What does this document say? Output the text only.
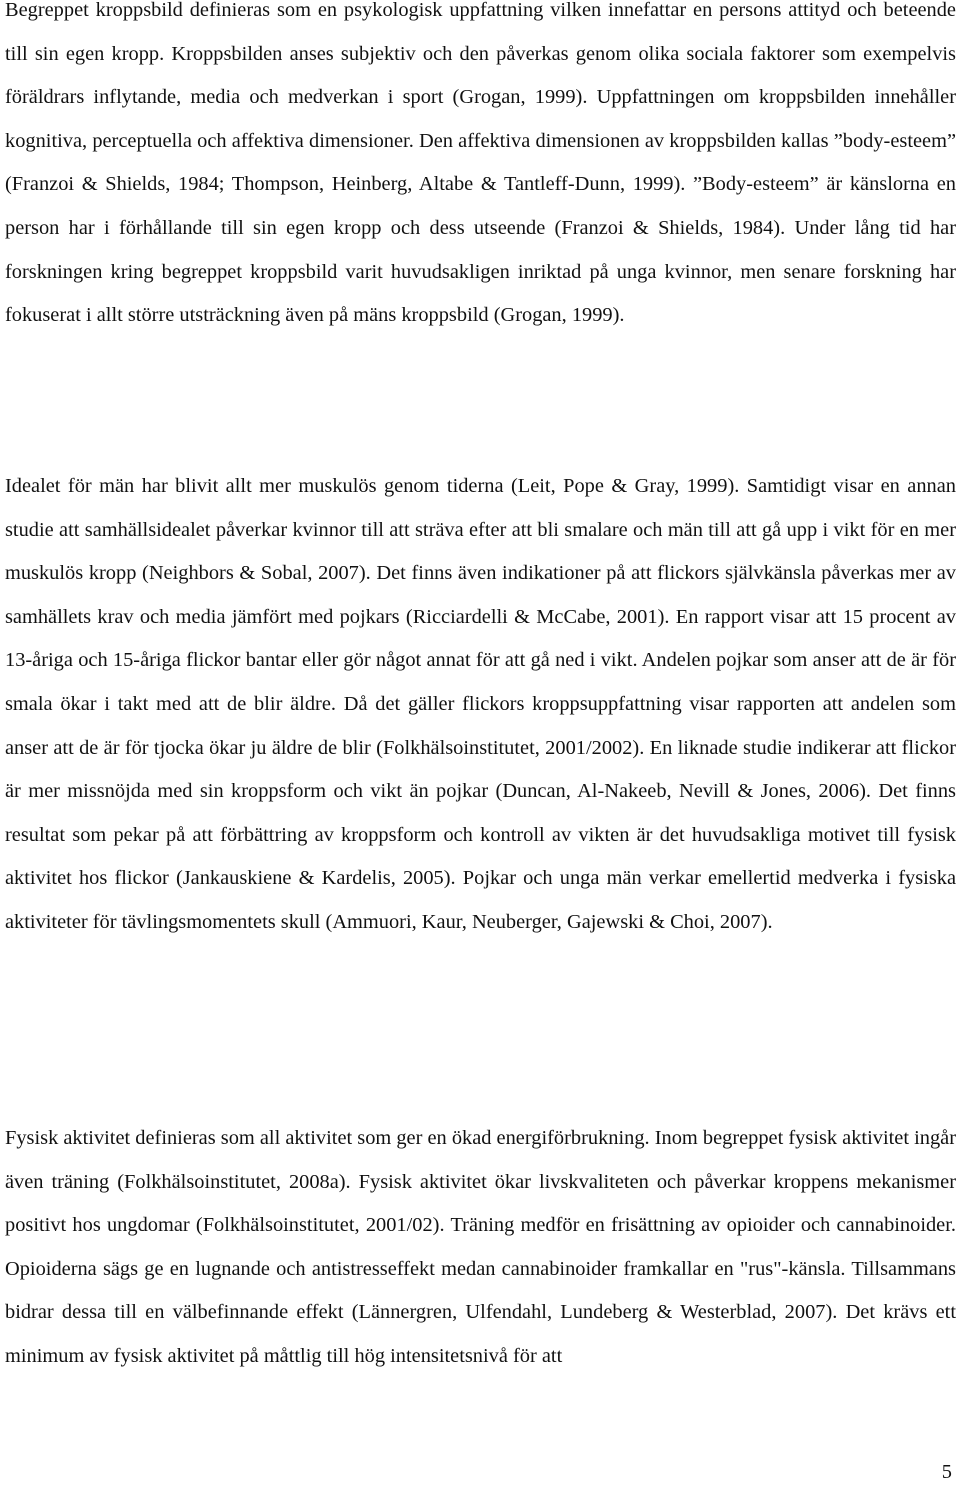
Begreppet kroppsbild definieras som en psykologisk uppfattning vilken innefattar en persons attityd och beteende till sin egen kropp. Kroppsbilden anses subjektiv och den påverkas genom olika sociala faktorer som exempelvis föräldrars inflytande, media och medverkan i sport (Grogan, 1999). Uppfattningen om kroppsbilden innehåller kognitiva, perceptuella och affektiva dimensioner. Den affektiva dimensionen av kroppsbilden kallas ”body-esteem” (Franzoi & Shields, 1984; Thompson, Heinberg, Altabe & Tantleff-Dunn, 1999). ”Body-esteem” är känslorna en person har i förhållande till sin egen kropp och dess utseende (Franzoi & Shields, 1984). Under lång tid har forskningen kring begreppet kroppsbild varit huvudsakligen inriktad på unga kvinnor, men senare forskning har fokuserat i allt större utsträckning även på mäns kroppsbild (Grogan, 1999).

Idealet för män har blivit allt mer muskulös genom tiderna (Leit, Pope & Gray, 1999). Samtidigt visar en annan studie att samhällsidealet påverkar kvinnor till att sträva efter att bli smalare och män till att gå upp i vikt för en mer muskulös kropp (Neighbors & Sobal, 2007). Det finns även indikationer på att flickors självkänsla påverkas mer av samhällets krav och media jämfört med pojkars (Ricciardelli & McCabe, 2001). En rapport visar att 15 procent av 13-åriga och 15-åriga flickor bantar eller gör något annat för att gå ned i vikt. Andelen pojkar som anser att de är för smala ökar i takt med att de blir äldre. Då det gäller flickors kroppsuppfattning visar rapporten att andelen som anser att de är för tjocka ökar ju äldre de blir (Folkhälsoinstitutet, 2001/2002). En liknade studie indikerar att flickor är mer missnöjda med sin kroppsform och vikt än pojkar (Duncan, Al-Nakeeb, Nevill & Jones, 2006). Det finns resultat som pekar på att förbättring av kroppsform och kontroll av vikten är det huvudsakliga motivet till fysisk aktivitet hos flickor (Jankauskiene & Kardelis, 2005). Pojkar och unga män verkar emellertid medverka i fysiska aktiviteter för tävlingsmomentets skull (Ammuori, Kaur, Neuberger, Gajewski & Choi, 2007).

Fysisk aktivitet definieras som all aktivitet som ger en ökad energiförbrukning. Inom begreppet fysisk aktivitet ingår även träning (Folkhälsoinstitutet, 2008a). Fysisk aktivitet ökar livskvaliteten och påverkar kroppens mekanismer positivt hos ungdomar (Folkhälsoinstitutet, 2001/02). Träning medför en frisättning av opioider och cannabinoider. Opioiderna sägs ge en lugnande och antistresseffekt medan cannabinoider framkallar en "rus"-känsla. Tillsammans bidrar dessa till en välbefinnande effekt (Lännergren, Ulfendahl, Lundeberg & Westerblad, 2007). Det krävs ett minimum av fysisk aktivitet på måttlig till hög intensitetsnivå för att

5
